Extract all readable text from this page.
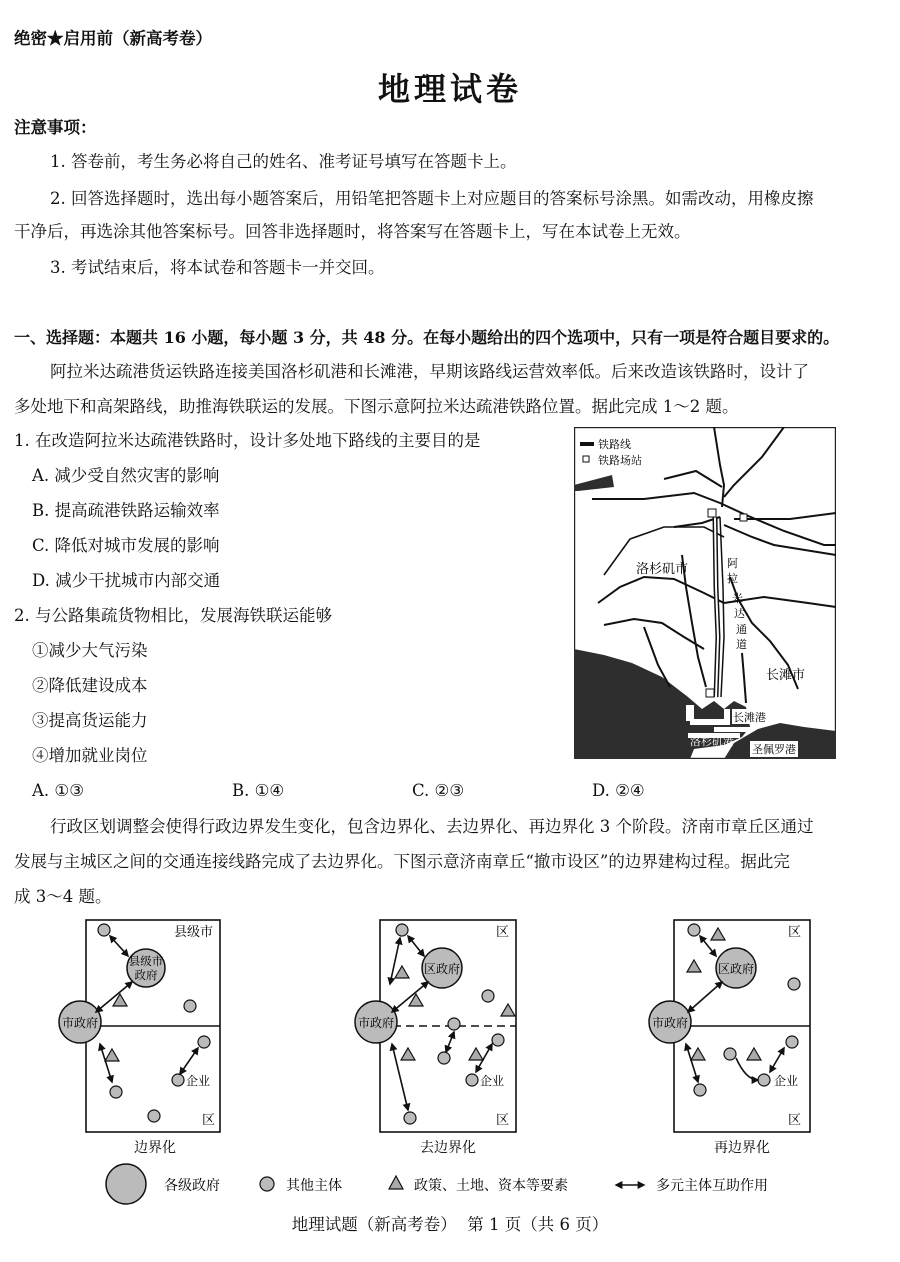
绝密★启用前（新高考卷）
地理试卷
注意事项：
1. 答卷前，考生务必将自己的姓名、准考证号填写在答题卡上。
2. 回答选择题时，选出每小题答案后，用铅笔把答题卡上对应题目的答案标号涂黑。如需改动，用橡皮擦
干净后，再选涂其他答案标号。回答非选择题时，将答案写在答题卡上，写在本试卷上无效。
3. 考试结束后，将本试卷和答题卡一并交回。
一、选择题：本题共 16 小题，每小题 3 分，共 48 分。在每小题给出的四个选项中，只有一项是符合题目要求的。
阿拉米达疏港货运铁路连接美国洛杉矶港和长滩港，早期该路线运营效率低。后来改造该铁路时，设计了
多处地下和高架路线，助推海铁联运的发展。下图示意阿拉米达疏港铁路位置。据此完成 1～2 题。
1. 在改造阿拉米达疏港铁路时，设计多处地下路线的主要目的是
A. 减少受自然灾害的影响
B. 提高疏港铁路运输效率
C. 降低对城市发展的影响
D. 减少干扰城市内部交通
2. 与公路集疏货物相比，发展海铁联运能够
①减少大气污染
②降低建设成本
③提高货运能力
④增加就业岗位
A. ①③	B. ①④	C. ②③	D. ②④
铁路线
铁路场站
洛杉矶市
长滩市
阿
拉
米
达
通
道
长滩港
洛杉矶港
圣佩罗港
行政区划调整会使得行政边界发生变化，包含边界化、去边界化、再边界化 3 个阶段。济南市章丘区通过
发展与主城区之间的交通连接线路完成了去边界化。下图示意济南章丘“撤市设区”的边界建构过程。据此完
成 3～4 题。
县级市
区
县级市
政府
市政府
企业
边界化
区
区
区政府
市政府
企业
去边界化
区
区
区政府
市政府
企业
再边界化
各级政府	其他主体	政策、土地、资本等要素	多元主体互助作用
地理试题（新高考卷）  第 1 页（共 6 页）
